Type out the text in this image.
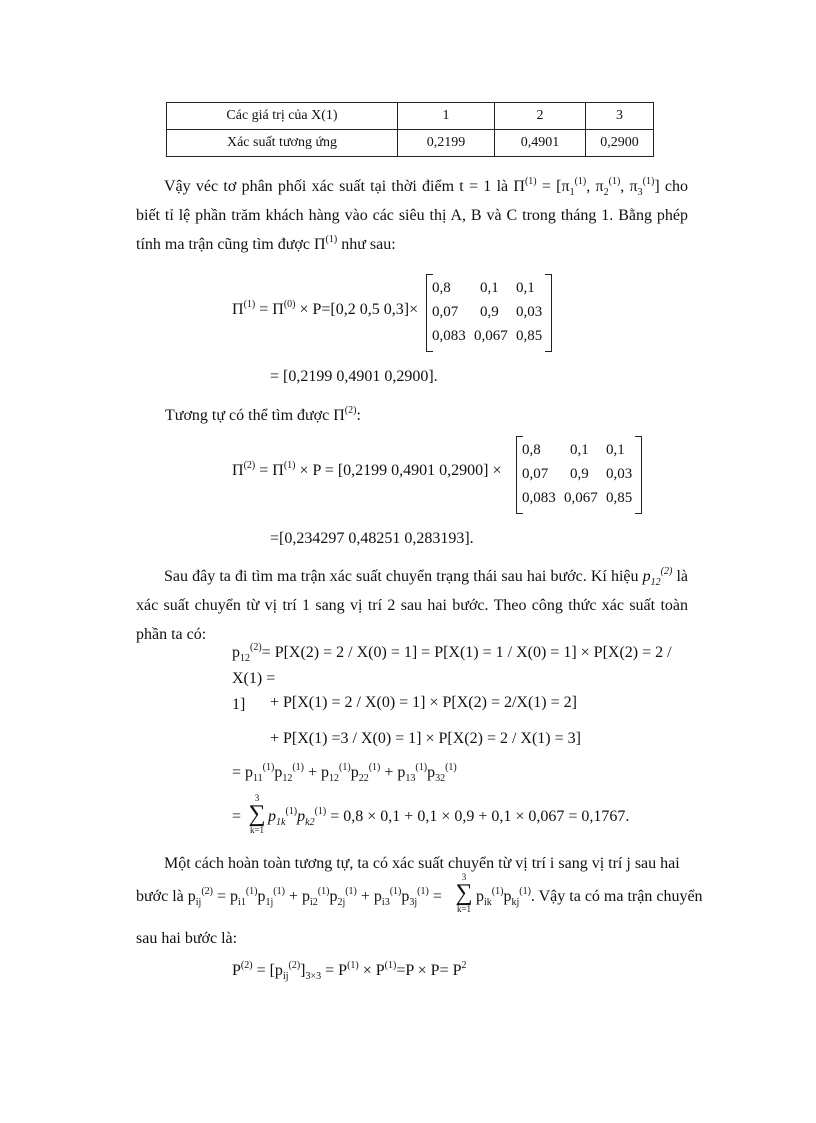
Các giá trị của X(1)	1	2	3
Xác suất tương ứng	0,2199	0,4901	0,2900
Vậy véc tơ phân phối xác suất tại thời điểm t = 1 là $\Pi^{(1)} = [\pi_1^{(1)}$, $\pi_2^{(1)}$, $\pi_3^{(1)}$] cho biết tỉ lệ phần trăm khách hàng vào các siêu thị A, B và C trong tháng 1. Bằng phép tính ma trận cũng tìm được $\Pi^{(1)}$ như sau:
$\Pi^{(1)} = \Pi^{(0)} \times P=[0,2$ 0,5 0,3]×
0,8 0,1 0,1
0,07 0,9 0,03
0,083 0,067 0,85
= [0,2199 0,4901 0,2900].
Tương tự có thể tìm được $\Pi^{(2)}$:
$\Pi^{(2)} = \Pi^{(1)} \times P = [0,2199$ 0,4901 0,2900] ×
0,8 0,1 0,1
0,07 0,9 0,03
0,083 0,067 0,85
=[0,234297 0,48251 0,283193].
Sau đây ta đi tìm ma trận xác suất chuyển trạng thái sau hai bước. Kí hiệu $p_{12}^{(2)}$ là xác suất chuyển từ vị trí 1 sang vị trí 2 sau hai bước. Theo công thức xác suất toàn phần ta có:
$p_{12}^{(2)}= P[X(2) = 2 / X(0) = 1] = P[X(1) = 1 / X(0) = 1] \times P[X(2) = 2 / X(1)$ =
1]	+ P[X(1) = 2 / X(0) = 1] × P[X(2) = 2/X(1) = 2]
+ P[X(1) =3 / X(0) = 1] × P[X(2) = 2 / X(1) = 3]
= $p_{11}^{(1)}p_{12}^{(1)} + p_{12}^{(1)}p_{22}^{(1)} + p_{13}^{(1)}p_{32}^{(1)}$
=
3
∑
k=1
$p_{1k}^{(1)}p_{k2}^{(1)} = 0,8 \times 0,1 + 0,1 \times 0,9 + 0,1 \times 0,067 = 0,1767$.
Một cách hoàn toàn tương tự, ta có xác suất chuyển từ vị trí i sang vị trí j sau hai
bước là $p_{ij}^{(2)} = p_{i1}^{(1)}p_{1j}^{(1)} + p_{i2}^{(1)}p_{2j}^{(1)} + p_{i3}^{(1)}p_{3j}^{(1)}$ =
3
∑
k=1
$p_{ik}^{(1)}p_{kj}^{(1)}$. Vậy ta có ma trận chuyển
sau hai bước là:
$P^{(2)} = [p_{ij}^{(2)}]_{3\times 3} = P^{(1)} \times P^{(1)}=P \times P= P^2$
